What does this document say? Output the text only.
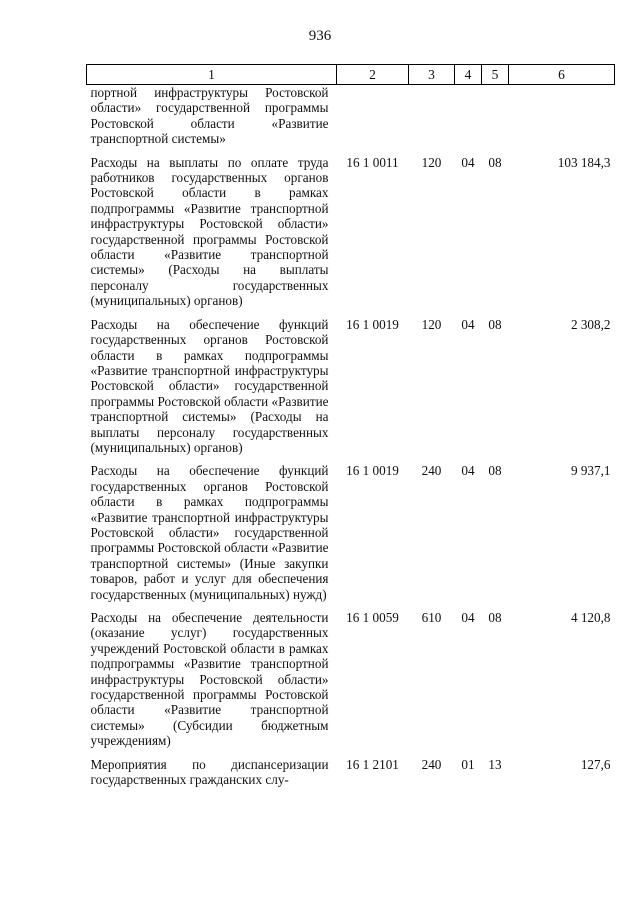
936
1	2	3	4	5	6
портной инфраструктуры Ростовской области» государственной программы Ростовской области «Развитие транспортной системы»					

Расходы на выплаты по оплате труда работников государственных органов Ростовской области в рамках подпрограммы «Развитие транспортной инфраструктуры Ростовской области» государственной программы Ростовской области «Развитие транспортной системы» (Расходы на выплаты персоналу государственных (муниципальных) органов)	16 1 0011	120	04	08	103 184,3

Расходы на обеспечение функций государственных органов Ростовской области в рамках подпрограммы «Развитие транспортной инфраструктуры Ростовской области» государственной программы Ростовской области «Развитие транспортной системы» (Расходы на выплаты персоналу государственных (муниципальных) органов)	16 1 0019	120	04	08	2 308,2

Расходы на обеспечение функций государственных органов Ростовской области в рамках подпрограммы «Развитие транспортной инфраструктуры Ростовской области» государственной программы Ростовской области «Развитие транспортной системы» (Иные закупки товаров, работ и услуг для обеспечения государственных (муниципальных) нужд)	16 1 0019	240	04	08	9 937,1

Расходы на обеспечение деятельности (оказание услуг) государственных учреждений Ростовской области в рамках подпрограммы «Развитие транспортной инфраструктуры Ростовской области» государственной программы Ростовской области «Развитие транспортной системы» (Субсидии бюджетным учреждениям)	16 1 0059	610	04	08	4 120,8

Мероприятия по диспансеризации государственных гражданских слу-	16 1 2101	240	01	13	127,6
